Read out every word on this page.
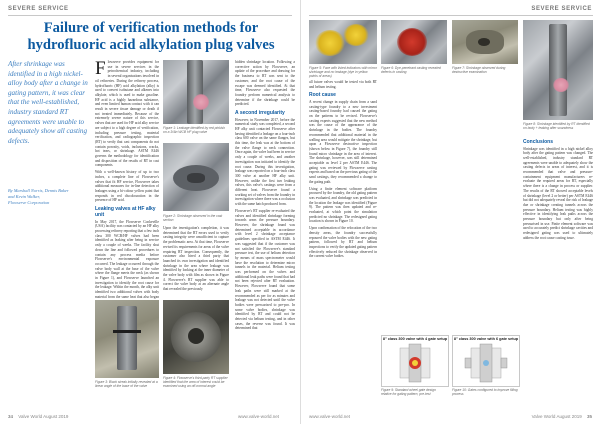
SEVERE SERVICE
Failure of verification methods for hydrofluoric acid alkylation plug valves

After shrinkage was identified in a high nickel-alloy body after a change in gating pattern, it was clear that the well-established, industry standard RT agreements were unable to adequately show all casting defects.

By Marshall Norris, Dennis Baker
and Kevin Walker,
Flowserve Corporation

Flowserve provides equipment for use in severe services in the petrochemical industry, including in several organisations involved in oil refineries. During the refinery process, hydrofluoric (HF) acid alkylation (alky) is used to convert isobutane and alkenes into alkylate, which is used to make gasoline. HF acid is a highly hazardous substance, and even limited human contact with it can result in severe tissue damage or death if not treated immediately. Because of the extremely severe nature of this service, valves that are used for HF acid alky service are subject to a high degree of verification, including pressure testing, material verification, and radiographic inspection (RT) to verify that cast components do not contain porosity, voids, inclusions, cracks, hot tears, or shrinkage. ASTM E446 governs the methodology for identification and disposition of the results of RT in cast components.

With a well-known history of up to two inches, a complete line of Flowserve's valves that fit HF service, Flowserve takes additional measures for in-line detection of leakages using a bi-colour yellow paint that responds in red discolouration in the presence of HF acid.

Leaking valves at HF alky unit

In May 2017, the Flowserve Cookeville (USA) facility was contacted by an HF alky processing refinery reporting that a few inch class 300 WCB/HF valves had been identified as leaking after being in service only a couple of weeks. The facility shut down the line and followed procedures to contain any process media before Flowserve's environmental exposure occurred. The leakage occurred through the valve body wall at the base of the valve where the flange meets the neck (as shown in Figure 1), and Flowserve launched an investigation to identify the root cause for the leakage. Within the month, the alky unit identified two additional valves with body material from the same heat that also began

Figure 1: Leakage identified by red pinkish on a 3/4in WCB HF plug valve

Figure 2: Shrinkage observed in the cast section

Upon the investigation's completion, it was determined that the RT errors used to verify casting integrity were unsufficient to capture the problematic area. At that time, Flowserve revised its requirements for areas of the valve requiring RT inspection. Consequently, the customer also hired a third party that launched its own investigation and identified shrinkage in the area where leakage was identified by looking at the inner diameter of the valve body with film as shown in Figure 4. Flowserve's RT supplier was able to correct the valve body at an alternate angle that revealed the previously

Figure 3: Black streak initially revealed at a linear angle of the base of the valve

Figure 4: Flowserve's third-party RT supplier identified that the area of interest could be examined using an off-normal angle

hidden shrinkage location. Following a corrective action by Flowserve, an update of the procedure and drawing for the business to RT was sent to the customer, and the root cause of the escape was deemed identified. At that time, Flowserve also requested the foundry perform numerical analysis to determine if the shrinkage could be predicted.

A second irregularity

However, in November 2017, before the numerical study was completed, a second HF alky unit contacted Flowserve after having identified a leakage on a four-inch class 600 valve on the same flanges, but this time, the leak was at the bottom of the valve flange to neck connection. Once again, the valve had been in service only a couple of weeks, and another investigation was initiated to identify the root cause. During this investigation, leakage was reported on a four-inch class 300 valve at another HF alky unit. However, unlike the first two leaking valves, this valve's castings were from a different heat. Flowserve found a working set of valves from the foundry in investigation where there was a occlusion with the same batch produced from.

Flowserve's RT supplier re-evaluated the valves and identified shrinkage forming towards areas the pressure boundary. However, the shrinkage found was determined acceptable in accordance with level 2 shrinkage acceptance guidelines specified in ASTM E446. It was suggested that if the customer was not satisfied the Flowserve's standard pressure test, the use of helium detection by means of mass spectrometer would have the resolution to determine micro tunnels in the material. Helium testing was performed on the valves and additional leak paths were found that had not been rejected after RT evaluation. However, Flowserve found that some leak paths were still marked at the recommended as per for as minutes and leakage was not detected until the valve bodies were pressurised to pre-pro. In some valve bodies, shrinkage was identified by RT and could not be detected via helium testing, and in other cases, the reverse was found. It was determined that

34 Valve World August 2019	www.valve-world.net
SEVERE SERVICE

Figure 5: Face with listed indicators with mirror shrinkage and no leakage (dye in yellow points of areas)

Figure 6: Dye-penetrant casting revealed defects in casting

Figure 7: Shrinkage observed during destructive examination

all future valves would be tested via both RT and helium testing.

Root cause

A recent change in supply chain from a sand casting-type foundry to a new investment casting-based foundry had caused the gating on the patterns to be revised. Flowserve's casting experts suggested that the new method was the cause of the appearance of the shrinkage in the bodies. The foundry recommended that additional material in the walling area would mitigate the shrinkage, but upon a Flowserve destructive inspection (shown below in Figure 7), the foundry still found micro shrinkage in the area of interest. The shrinkage, however, was still determined acceptable as level 2 per ASTM E446. The gating was reviewed by Flowserve casting experts and based on the previous gating of the sand castings, they recommended a change to the gating path.

Using a finite element software platform procured by the foundry, the old gating pattern was evaluated, and shrinkage was predicted in the location the leakage was identified (Figure 9). The pattern was then updated and re-evaluated, at which point the simulation predicted no shrinkage. The redesigned gating location is shown in Figure 10.

Upon confirmation of the relocation of the two density areas, the foundry successfully repoured the valve bodies with the new gating pattern, followed by RT and helium inspections to verify the updated gating pattern effectively reduced the shrinkage observed in the current valve bodies.

Figure 8: Shrinkage identified by RT identified on body + leaking after soundness

Conclusions

Shrinkage was identified in a high nickel alloy body after the gating pattern was changed. The well-established, industry standard RT agreements were unable to adequately show the casting defects in areas of interest, and it is recommended that valve and pressure-containment equipment manufacturers re-evaluate the required areas for RT, especially where there is a change in process or supplier. The results of the RT showed acceptable levels of shrinkage (level 2 or better) per ASTM E446 but did not adequately reveal the risk of leakage due or shrinkage creating tunnels across the pressure boundary. Helium testing was highly effective in identifying leak paths across the pressure boundary but only after being pressurised in use. Finite element software was used to accurately predict shrinkage cavities and redesigned gating was used to ultimately address the root cause casting issue.

8" class 300 valve with 4 gate setup

Figure 9: Standard wheel gate design relative for gating pattern, pre-test

8" class 300 valve with 6 gate setup

Figure 10: Gates configured to improve filling process

www.valve-world.net	Valve World August 2019 35
